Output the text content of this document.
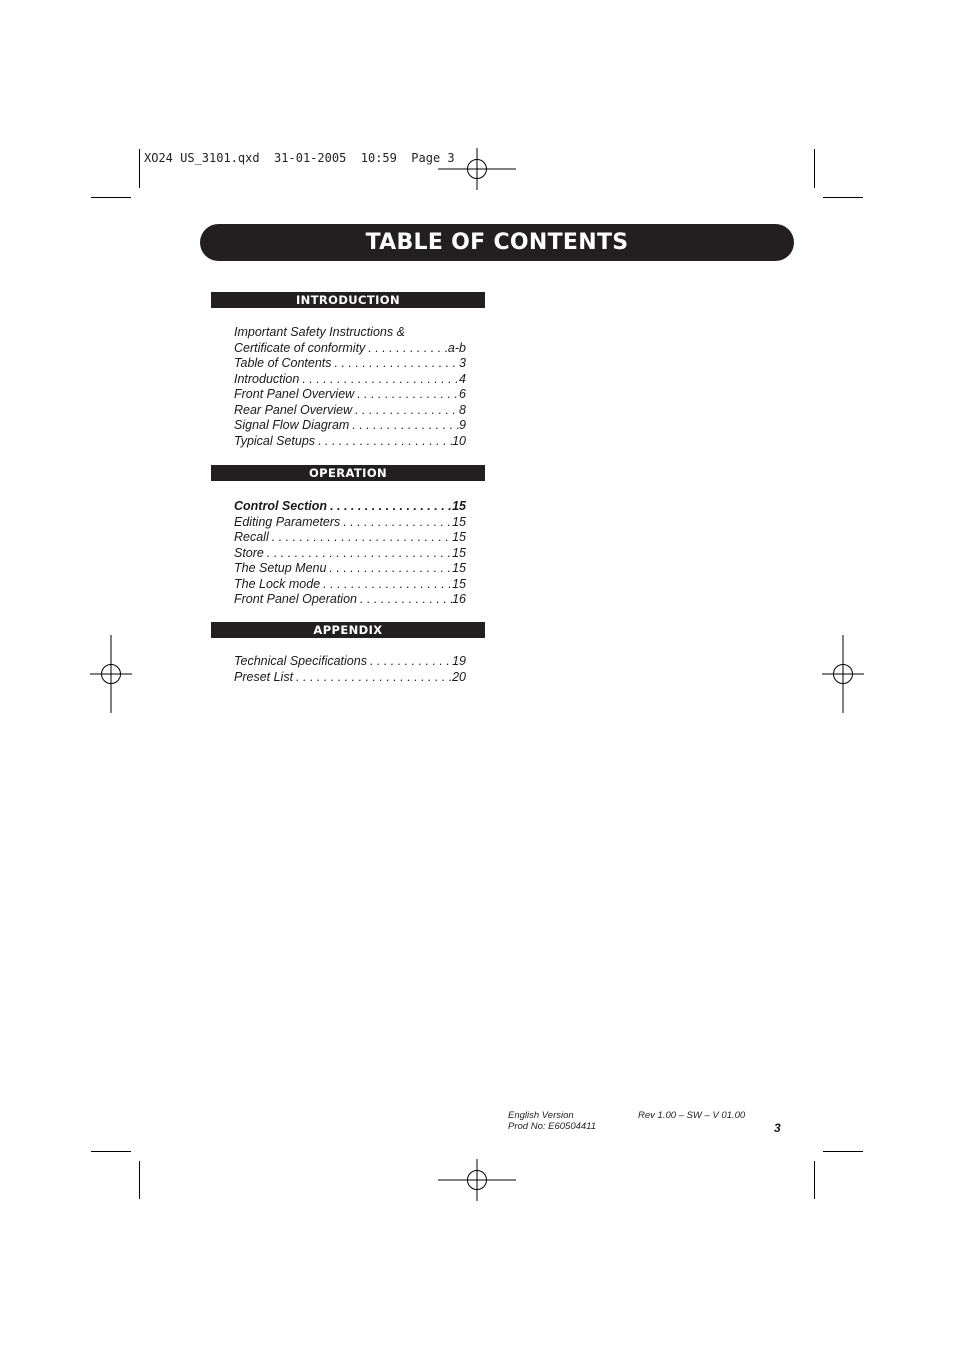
XO24 US_3101.qxd  31-01-2005  10:59  Page 3
TABLE OF CONTENTS
INTRODUCTION
Important Safety Instructions &
Certificate of conformity . . .	a-b
Table of Contents . . .	3
Introduction . . .	4
Front Panel Overview . . .	6
Rear Panel Overview . . .	8
Signal Flow Diagram . . .	9
Typical Setups . . .	10
OPERATION
Control Section . . .	15
Editing Parameters . . .	15
Recall . . .	15
Store . . .	15
The Setup Menu . . .	15
The Lock mode . . .	15
Front Panel Operation . . .	16
APPENDIX
Technical Specifications . . .	19
Preset List . . .	20
English Version
Prod No: E60504411
Rev 1.00 – SW – V 01.00
3
